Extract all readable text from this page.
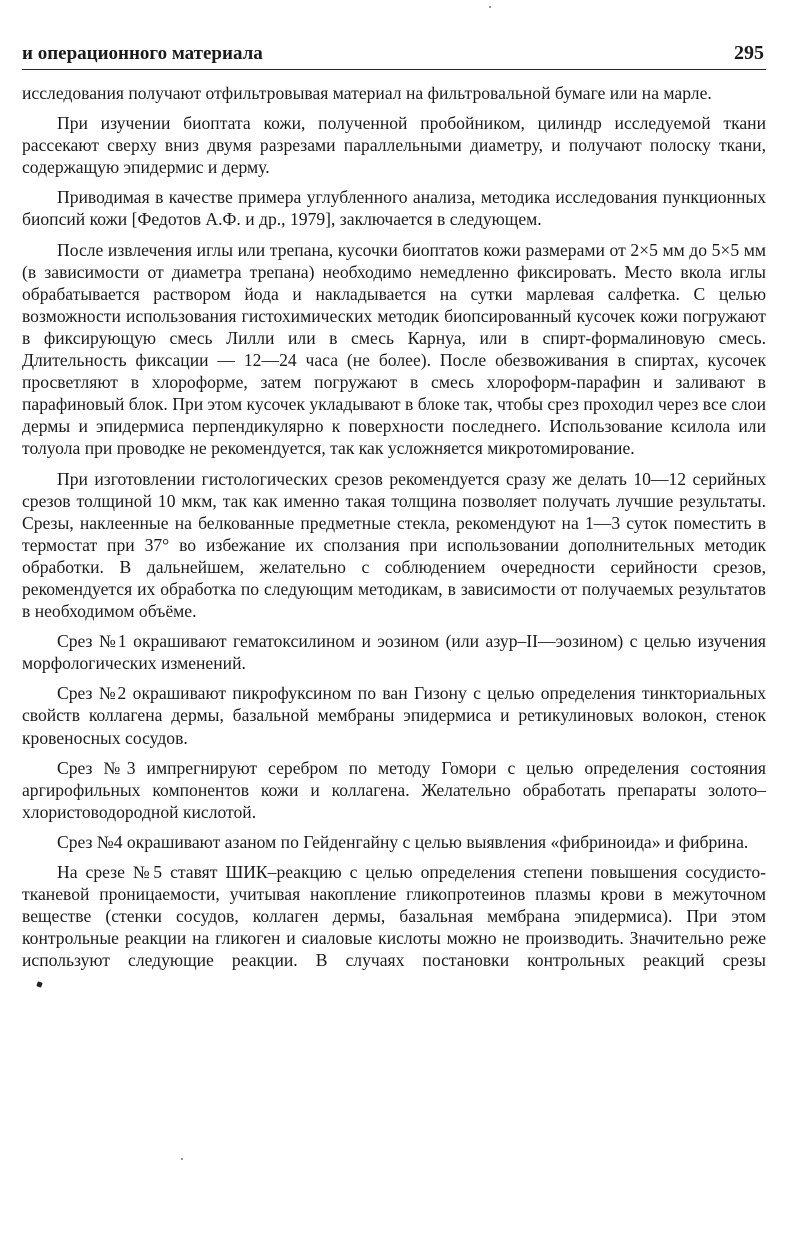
и операционного материала	295

исследования получают отфильтровывая материал на фильтровальной бумаге или на марле.

При изучении биоптата кожи, полученной пробойником, цилиндр исследуемой ткани рассекают сверху вниз двумя разрезами параллельными диаметру, и получают полоску ткани, содержащую эпидермис и дерму.

Приводимая в качестве примера углубленного анализа, методика исследования пункционных биопсий кожи [Федотов А.Ф. и др., 1979], заключается в следующем.

После извлечения иглы или трепана, кусочки биоптатов кожи размерами от 2×5 мм до 5×5 мм (в зависимости от диаметра трепана) необходимо немедленно фиксировать. Место вкола иглы обрабатывается раствором йода и накладывается на сутки марлевая салфетка. С целью возможности использования гистохимических методик биопсированный кусочек кожи погружают в фиксирующую смесь Лилли или в смесь Карнуа, или в спирт-формалиновую смесь. Длительность фиксации — 12—24 часа (не более). После обезвоживания в спиртах, кусочек просветляют в хлороформе, затем погружают в смесь хлороформ-парафин и заливают в парафиновый блок. При этом кусочек укладывают в блоке так, чтобы срез проходил через все слои дермы и эпидермиса перпендикулярно к поверхности последнего. Использование ксилола или толуола при проводке не рекомендуется, так как усложняется микротомирование.

При изготовлении гистологических срезов рекомендуется сразу же делать 10—12 серийных срезов толщиной 10 мкм, так как именно такая толщина позволяет получать лучшие результаты. Срезы, наклеенные на белкованные предметные стекла, рекомендуют на 1—3 суток поместить в термостат при 37° во избежание их сползания при использовании дополнительных методик обработки. В дальнейшем, желательно с соблюдением очередности серийности срезов, рекомендуется их обработка по следующим методикам, в зависимости от получаемых результатов в необходимом объёме.

Срез №1 окрашивают гематоксилином и эозином (или азур–II—эозином) с целью изучения морфологических изменений.

Срез №2 окрашивают пикрофуксином по ван Гизону с целью определения тинкториальных свойств коллагена дермы, базальной мембраны эпидермиса и ретикулиновых волокон, стенок кровеносных сосудов.

Срез №3 импрегнируют серебром по методу Гомори с целью определения состояния аргирофильных компонентов кожи и коллагена. Желательно обработать препараты золото–хлористоводородной кислотой.

Срез №4 окрашивают азаном по Гейденгайну с целью выявления «фибриноида» и фибрина.

На срезе №5 ставят ШИК–реакцию с целью определения степени повышения сосудисто-тканевой проницаемости, учитывая накопление гликопротеинов плазмы крови в межуточном веществе (стенки сосудов, коллаген дермы, базальная мембрана эпидермиса). При этом контрольные реакции на гликоген и сиаловые кислоты можно не производить. Значительно реже используют следующие реакции. В случаях постановки контрольных реакций срезы
